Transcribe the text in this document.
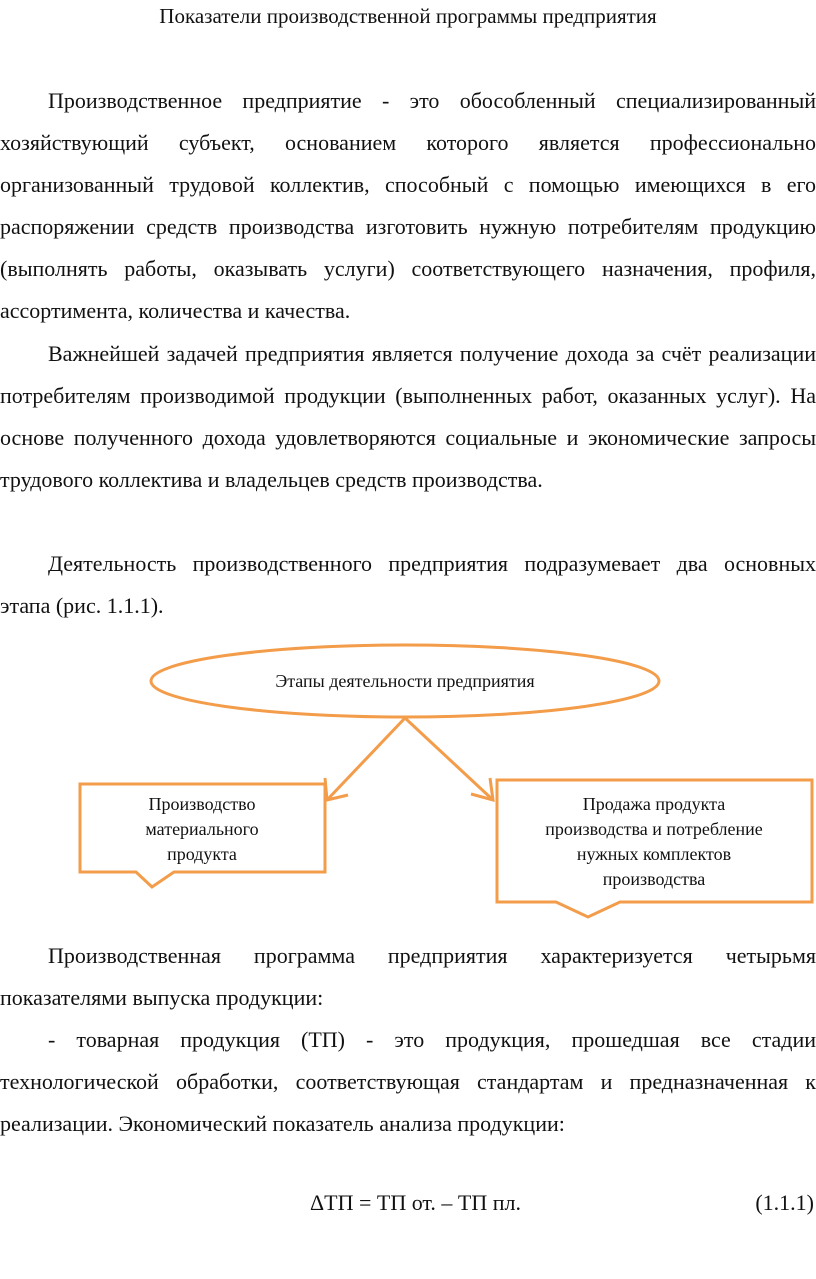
Показатели производственной программы предприятия

Производственное предприятие - это обособленный специализированный хозяйствующий субъект, основанием которого является профессионально организованный трудовой коллектив, способный с помощью имеющихся в его распоряжении средств производства изготовить нужную потребителям продукцию (выполнять работы, оказывать услуги) соответствующего назначения, профиля, ассортимента, количества и качества.

Важнейшей задачей предприятия является получение дохода за счёт реализации потребителям производимой продукции (выполненных работ, оказанных услуг). На основе полученного дохода удовлетворяются социальные и экономические запросы трудового коллектива и владельцев средств производства.

Деятельность производственного предприятия подразумевает два основных этапа (рис. 1.1.1).

Этапы деятельности предприятия
Производство
материального
продукта
Продажа продукта
производства и потребление
нужных комплектов
производства

Производственная программа предприятия характеризуется четырьмя показателями выпуска продукции:

- товарная продукция (ТП) - это продукция, прошедшая все стадии технологической обработки, соответствующая стандартам и предназначенная к реализации. Экономический показатель анализа продукции:

ΔТП = ТП от. – ТП пл.	(1.1.1)
